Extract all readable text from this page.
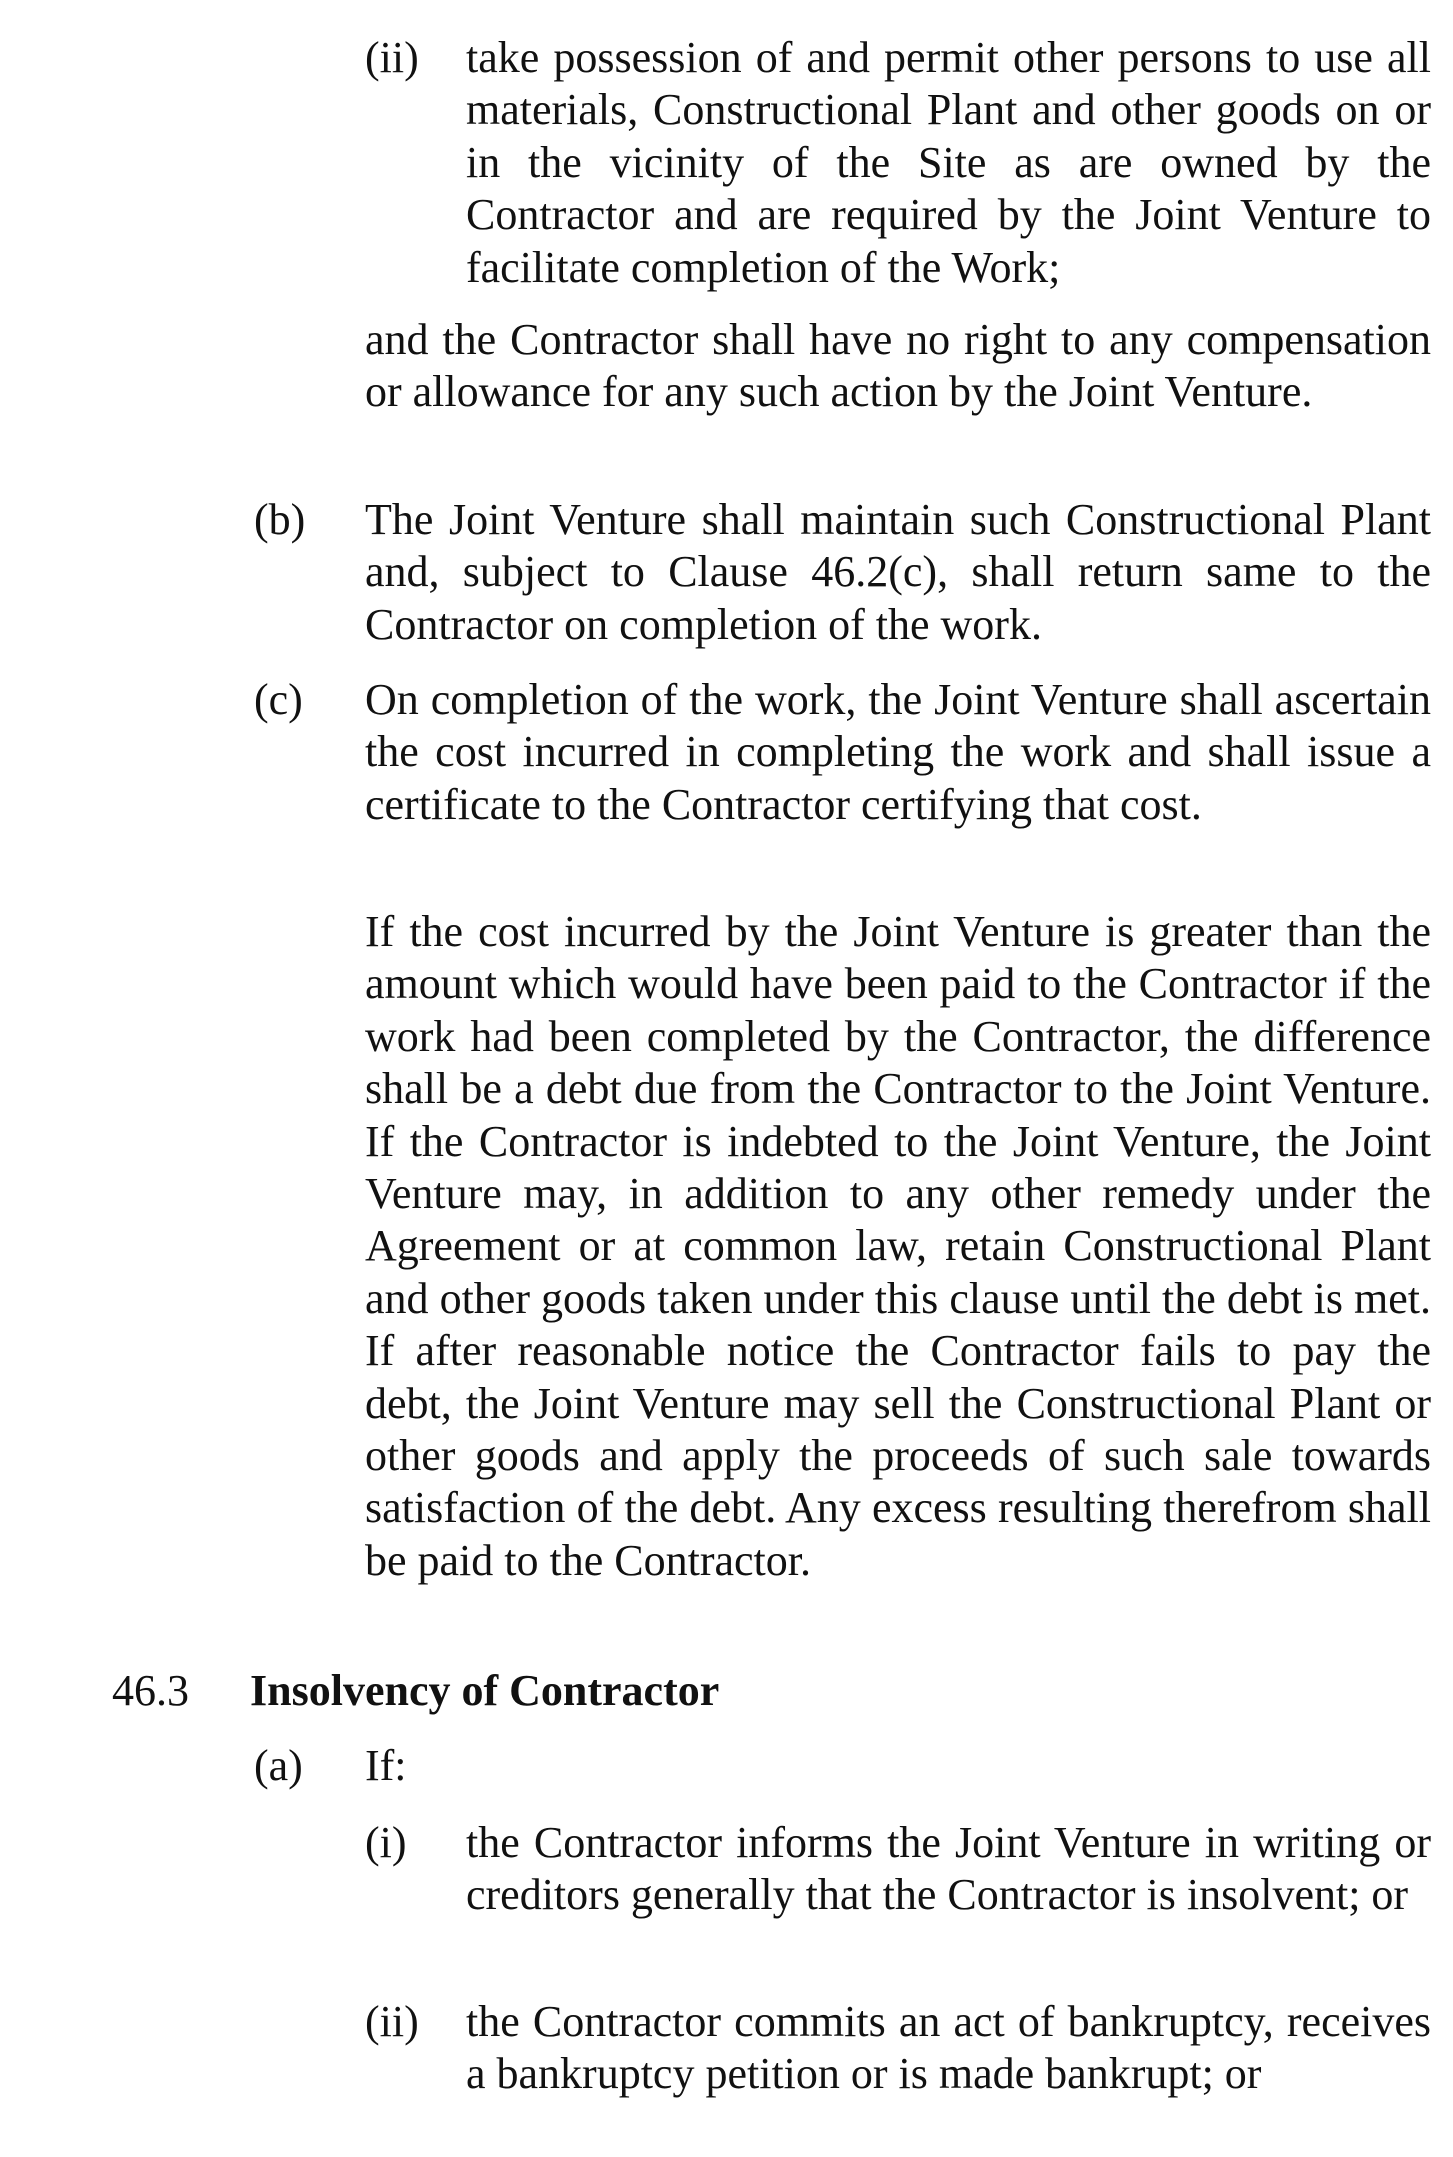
(ii) take possession of and permit other persons to use all materials, Constructional Plant and other goods on or in the vicinity of the Site as are owned by the Contractor and are required by the Joint Venture to facilitate completion of the Work;

and the Contractor shall have no right to any compensation or allowance for any such action by the Joint Venture.

(b) The Joint Venture shall maintain such Constructional Plant and, subject to Clause 46.2(c), shall return same to the Contractor on completion of the work.

(c) On completion of the work, the Joint Venture shall ascertain the cost incurred in completing the work and shall issue a certificate to the Contractor certifying that cost.

If the cost incurred by the Joint Venture is greater than the amount which would have been paid to the Contractor if the work had been completed by the Contractor, the difference shall be a debt due from the Contractor to the Joint Venture. If the Contractor is indebted to the Joint Venture, the Joint Venture may, in addition to any other remedy under the Agreement or at common law, retain Constructional Plant and other goods taken under this clause until the debt is met. If after reasonable notice the Contractor fails to pay the debt, the Joint Venture may sell the Constructional Plant or other goods and apply the proceeds of such sale towards satisfaction of the debt. Any excess resulting therefrom shall be paid to the Contractor.

46.3 Insolvency of Contractor
(a) If:
(i) the Contractor informs the Joint Venture in writing or creditors generally that the Contractor is insolvent; or

(ii) the Contractor commits an act of bankruptcy, receives a bankruptcy petition or is made bankrupt; or
